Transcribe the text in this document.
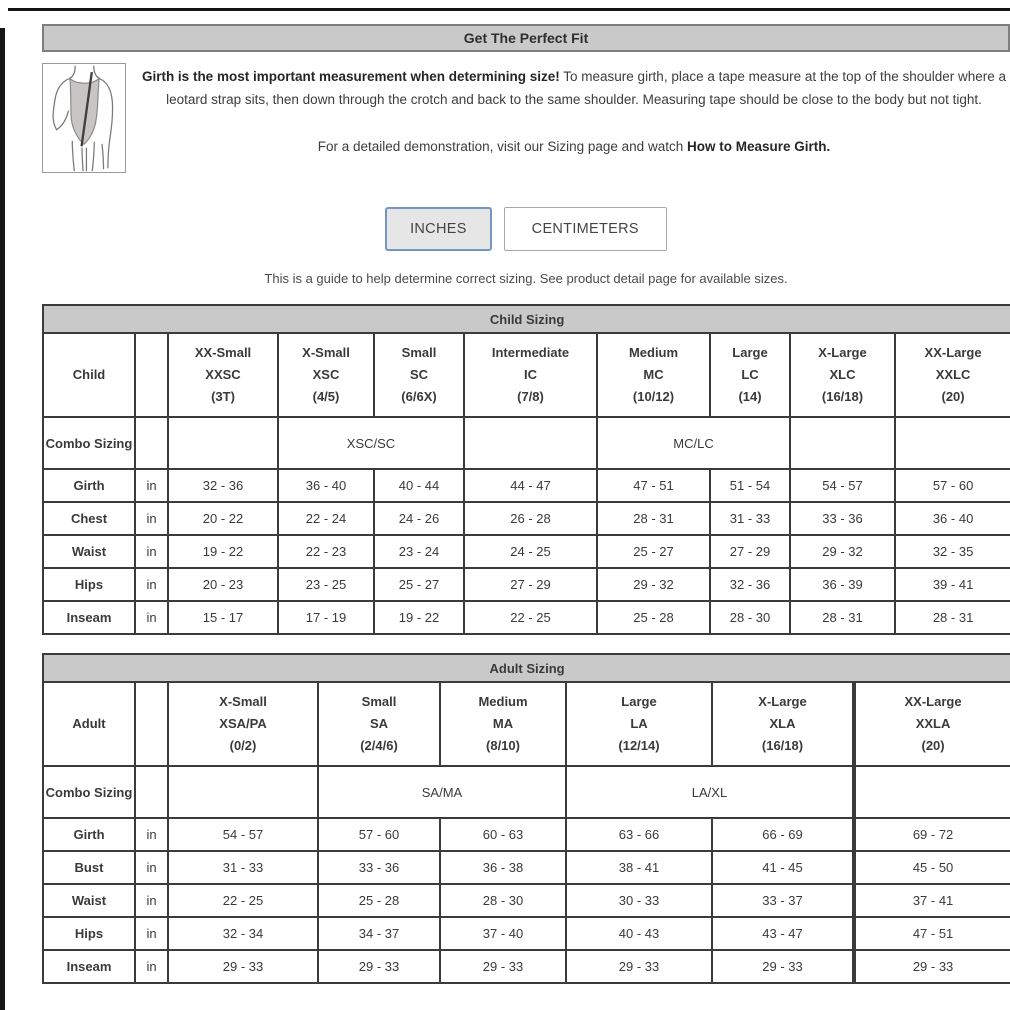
Get The Perfect Fit

Girth is the most important measurement when determining size! To measure girth, place a tape measure at the top of the shoulder where a leotard strap sits, then down through the crotch and back to the same shoulder. Measuring tape should be close to the body but not tight.

For a detailed demonstration, visit our Sizing page and watch How to Measure Girth.

INCHES	CENTIMETERS

This is a guide to help determine correct sizing. See product detail page for available sizes.

Child Sizing									
Child		XX-Small
XXSC
(3T)	X-Small
XSC
(4/5)	Small
SC
(6/6X)	Intermediate
IC
(7/8)	Medium
MC
(10/12)	Large
LC
(14)	X-Large
XLC
(16/18)	XX-Large
XXLC
(20)

Combo Sizing			XSC/SC			MC/LC			
Girth	in	32 - 36	36 - 40	40 - 44	44 - 47	47 - 51	51 - 54	54 - 57	57 - 60
Chest	in	20 - 22	22 - 24	24 - 26	26 - 28	28 - 31	31 - 33	33 - 36	36 - 40
Waist	in	19 - 22	22 - 23	23 - 24	24 - 25	25 - 27	27 - 29	29 - 32	32 - 35
Hips	in	20 - 23	23 - 25	25 - 27	27 - 29	29 - 32	32 - 36	36 - 39	39 - 41
Inseam	in	15 - 17	17 - 19	19 - 22	22 - 25	25 - 28	28 - 30	28 - 31	28 - 31
Adult Sizing							
Adult		X-Small
XSA/PA
(0/2)	Small
SA
(2/4/6)	Medium
MA
(8/10)	Large
LA
(12/14)	X-Large
XLA
(16/18)	XX-Large
XXLA
(20)

Combo Sizing			SA/MA		LA/XL		
Girth	in	54 - 57	57 - 60	60 - 63	63 - 66	66 - 69	69 - 72
Bust	in	31 - 33	33 - 36	36 - 38	38 - 41	41 - 45	45 - 50
Waist	in	22 - 25	25 - 28	28 - 30	30 - 33	33 - 37	37 - 41
Hips	in	32 - 34	34 - 37	37 - 40	40 - 43	43 - 47	47 - 51
Inseam	in	29 - 33	29 - 33	29 - 33	29 - 33	29 - 33	29 - 33
